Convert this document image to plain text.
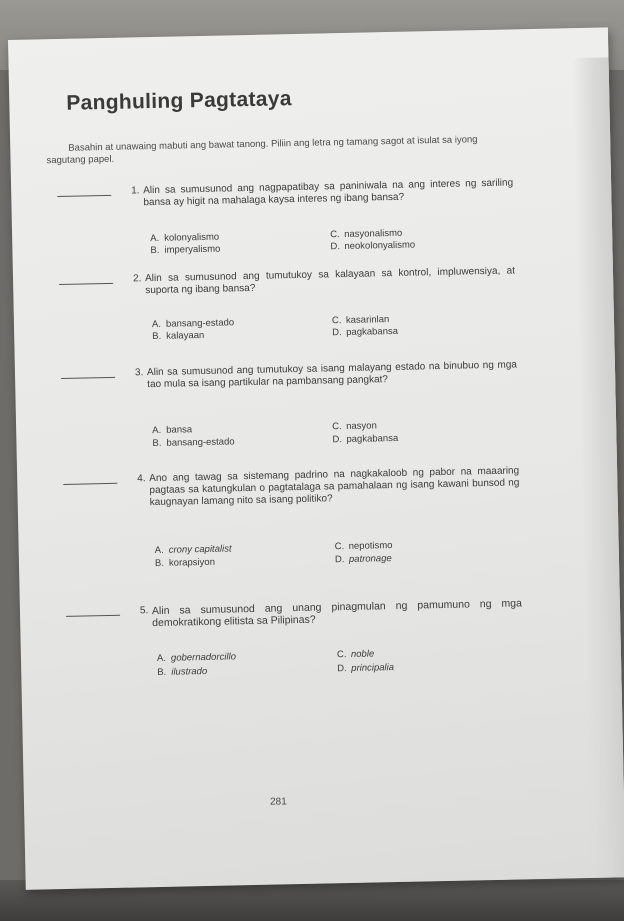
Panghuling Pagtataya
Basahin at unawaing mabuti ang bawat tanong. Piliin ang letra ng tamang sagot at isulat sa iyong sagutang papel.
1. Alin sa sumusunod ang nagpapatibay sa paniniwala na ang interes ng sariling bansa ay higit na mahalaga kaysa interes ng ibang bansa?
A. kolonyalismo	C. nasyonalismo
B. imperyalismo	D. neokolonyalismo
2. Alin sa sumusunod ang tumutukoy sa kalayaan sa kontrol, impluwensiya, at suporta ng ibang bansa?
A. bansang-estado	C. kasarinlan
B. kalayaan	D. pagkabansa
3. Alin sa sumusunod ang tumutukoy sa isang malayang estado na binubuo ng mga tao mula sa isang partikular na pambansang pangkat?
A. bansa	C. nasyon
B. bansang-estado	D. pagkabansa
4. Ano ang tawag sa sistemang padrino na nagkakaloob ng pabor na maaaring pagtaas sa katungkulan o pagtatalaga sa pamahalaan ng isang kawani bunsod ng kaugnayan lamang nito sa isang politiko?
A. crony capitalist	C. nepotismo
B. korapsiyon	D. patronage
5. Alin sa sumusunod ang unang pinagmulan ng pamumuno ng mga demokratikong elitista sa Pilipinas?
A. gobernadorcillo	C. noble
B. ilustrado	D. principalia
281
